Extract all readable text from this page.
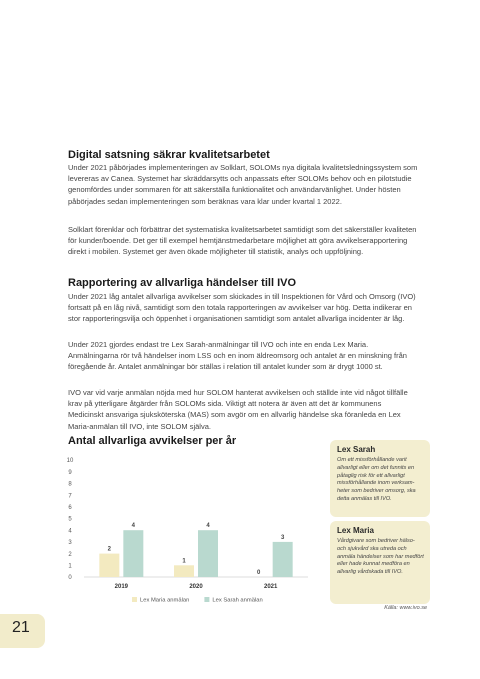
Digital satsning säkrar kvalitetsarbetet

Under 2021 påbörjades implementeringen av Solklart, SOLOMs nya digitala kvalitetsledningssystem som levereras av Canea. Systemet har skräddarsytts och anpassats efter SOLOMs behov och en pilotstudie genomfördes under sommaren för att säkerställa funktionalitet och användarvänlighet. Under hösten påbörjades sedan implementeringen som beräknas vara klar under kvartal 1 2022.

Solklart förenklar och förbättrar det systematiska kvalitetsarbetet samtidigt som det säkerställer kvaliteten för kunder/boende. Det ger till exempel hemtjänstmedarbetare möjlighet att göra avvikelserapportering direkt i mobilen. Systemet ger även ökade möjligheter till statistik, analys och uppföljning.

Rapportering av allvarliga händelser till IVO

Under 2021 låg antalet allvarliga avvikelser som skickades in till Inspektionen för Vård och Omsorg (IVO) fortsatt på en låg nivå, samtidigt som den totala rapporteringen av avvikelser var hög. Detta indikerar en stor rapporteringsvilja och öppenhet i organisationen samtidigt som antalet allvarliga incidenter är låg.

Under 2021 gjordes endast tre Lex Sarah-anmälningar till IVO och inte en enda Lex Maria. Anmälningarna rör två händelser inom LSS och en inom äldreomsorg och antalet är en minskning från föregående år. Antalet anmälningar bör ställas i relation till antalet kunder som är drygt 1000 st.

IVO var vid varje anmälan nöjda med hur SOLOM hanterat avvikelsen och ställde inte vid något tillfälle krav på ytterligare åtgärder från SOLOMs sida. Viktigt att notera är även att det är kommunens Medicinskt ansvariga sjuksköterska (MAS) som avgör om en allvarlig händelse ska föranleda en Lex Maria-anmälan till IVO, inte SOLOM själva.

Antal allvarliga avvikelser per år
0
1
2
3
4
5
6
7
8
9
10
2
4
2019
1
4
2020
0
3
2021
Lex Maria anmälan	Lex Sarah anmälan
Lex Sarah

Om ett missförhållande varit allvarligt eller om det funnits en påtaglig risk för ett allvarligt missförhållande inom verksamheter som bedriver omsorg, ska detta anmälas till IVO.

Lex Maria

Vårdgivare som bedriver hälso- och sjukvård ska utreda och anmäla händelser som har medfört eller hade kunnat medföra en allvarlig vårdskada till IVO.

Källa: www.ivo.se
21
